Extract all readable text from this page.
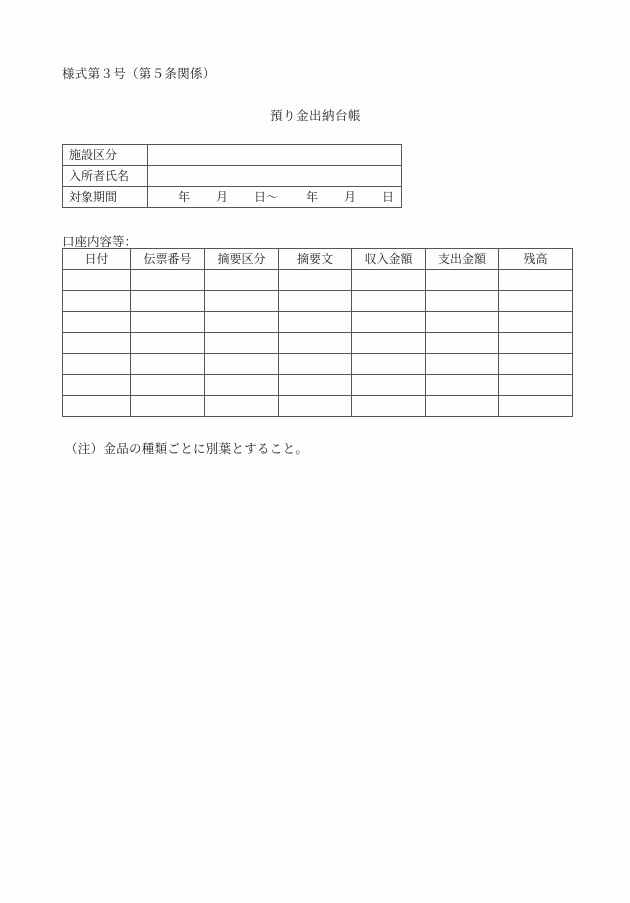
様式第３号（第５条関係）
預り金出納台帳
施設区分	
入所者氏名	
対象期間	年	月	日～	年	月	日
口座内容等：
日付	伝票番号	摘要区分	摘要文	収入金額	支出金額	残高

（注）金品の種類ごとに別葉とすること。
